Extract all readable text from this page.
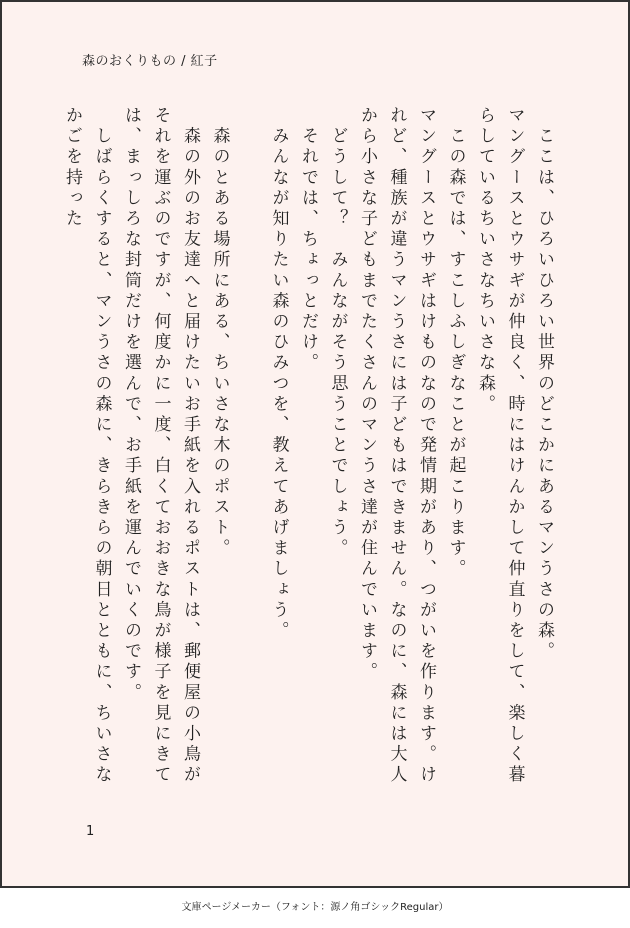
森のおくりもの / 紅子

　ここは、ひろいひろい世界のどこかにあるマンうさの森。

マングースとウサギが仲良く、時にはけんかして仲直りをして、楽しく暮らしているちいさなちいさな森。

　この森では、すこしふしぎなことが起こります。

マングースとウサギはけものなので発情期があり、つがいを作ります。けれど、種族が違うマンうさには子どもはできません。なのに、森には大人から小さな子どもまでたくさんのマンうさ達が住んでいます。

　どうして？　みんながそう思うことでしょう。

　それでは、ちょっとだけ。

　みんなが知りたい森のひみつを、教えてあげましょう。

　森のとある場所にある、ちいさな木のポスト。

　森の外のお友達へと届けたいお手紙を入れるポストは、郵便屋の小鳥がそれを運ぶのですが、何度かに一度、白くておおきな鳥が様子を見にきては、まっしろな封筒だけを選んで、お手紙を運んでいくのです。

　しばらくすると、マンうさの森に、きらきらの朝日とともに、ちいさなかごを持った

1
文庫ページメーカー（フォント：源ノ角ゴシックRegular）
